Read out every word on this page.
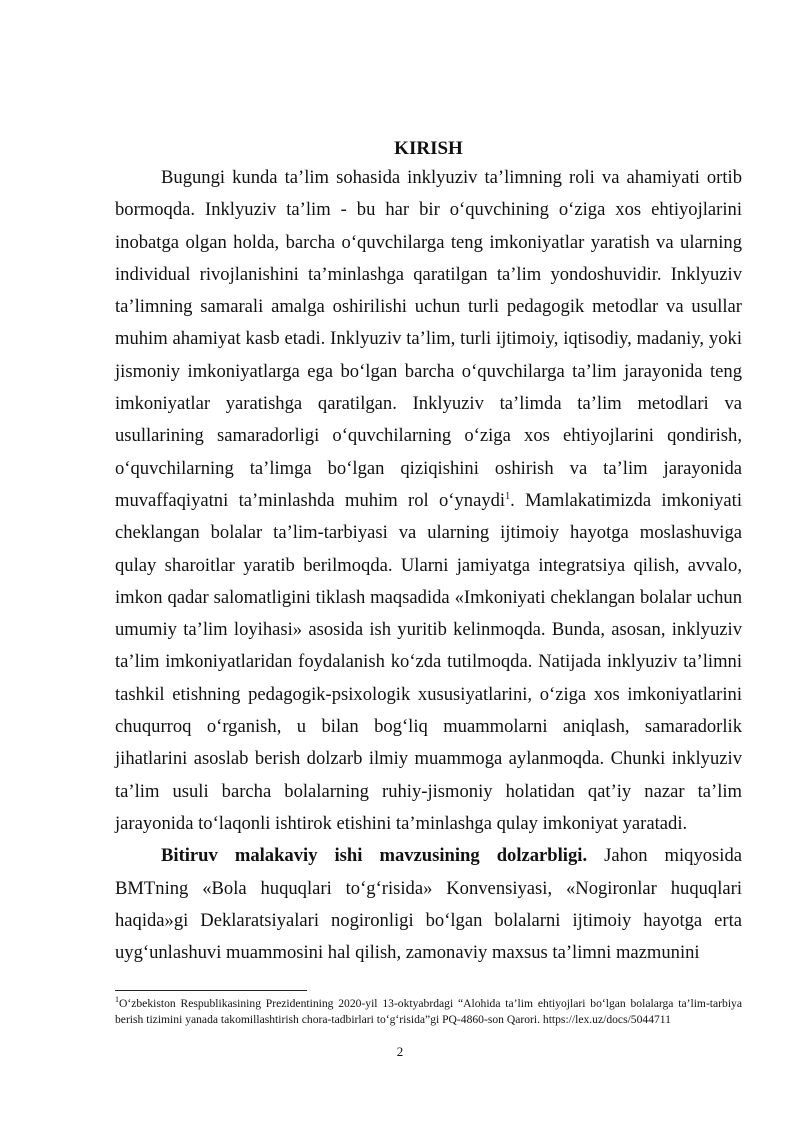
KIRISH

Bugungi kunda ta’lim sohasida inklyuziv ta’limning roli va ahamiyati ortib bormoqda. Inklyuziv ta’lim - bu har bir o‘quvchining o‘ziga xos ehtiyojlarini inobatga olgan holda, barcha o‘quvchilarga teng imkoniyatlar yaratish va ularning individual rivojlanishini ta’minlashga qaratilgan ta’lim yondoshuvidir. Inklyuziv ta’limning samarali amalga oshirilishi uchun turli pedagogik metodlar va usullar muhim ahamiyat kasb etadi. Inklyuziv ta’lim, turli ijtimoiy, iqtisodiy, madaniy, yoki jismoniy imkoniyatlarga ega bo‘lgan barcha o‘quvchilarga ta’lim jarayonida teng imkoniyatlar yaratishga qaratilgan. Inklyuziv ta’limda ta’lim metodlari va usullarining samaradorligi o‘quvchilarning o‘ziga xos ehtiyojlarini qondirish, o‘quvchilarning ta’limga bo‘lgan qiziqishini oshirish va ta’lim jarayonida muvaffaqiyatni ta’minlashda muhim rol o‘ynaydi$^1$. Mamlakatimizda imkoniyati cheklangan bolalar ta’lim-tarbiyasi va ularning ijtimoiy hayotga moslashuviga qulay sharoitlar yaratib berilmoqda. Ularni jamiyatga integratsiya qilish, avvalo, imkon qadar salomatligini tiklash maqsadida «Imkoniyati cheklangan bolalar uchun umumiy ta’lim loyihasi» asosida ish yuritib kelinmoqda. Bunda, asosan, inklyuziv ta’lim imkoniyatlaridan foydalanish ko‘zda tutilmoqda. Natijada inklyuziv ta’limni tashkil etishning pedagogik-psixologik xususiyatlarini, o‘ziga xos imkoniyatlarini chuqurroq o‘rganish, u bilan bog‘liq muammolarni aniqlash, samaradorlik jihatlarini asoslab berish dolzarb ilmiy muammoga aylanmoqda. Chunki inklyuziv ta’lim usuli barcha bolalarning ruhiy-jismoniy holatidan qat’iy nazar ta’lim jarayonida to‘laqonli ishtirok etishini ta’minlashga qulay imkoniyat yaratadi.

Bitiruv malakaviy ishi mavzusining dolzarbligi. Jahon miqyosida BMTning «Bola huquqlari to‘g‘risida» Konvensiyasi, «Nogironlar huquqlari haqida»gi Deklaratsiyalari nogironligi bo‘lgan bolalarni ijtimoiy hayotga erta uyg‘unlashuvi muammosini hal qilish, zamonaviy maxsus ta’limni mazmunini

$^1$O‘zbekiston Respublikasining Prezidentining 2020-yil 13-oktyabrdagi “Alohida ta’lim ehtiyojlari bo‘lgan bolalarga ta’lim-tarbiya berish tizimini yanada takomillashtirish chora-tadbirlari to‘g‘risida”gi PQ-4860-son Qarori. https://lex.uz/docs/5044711
2
